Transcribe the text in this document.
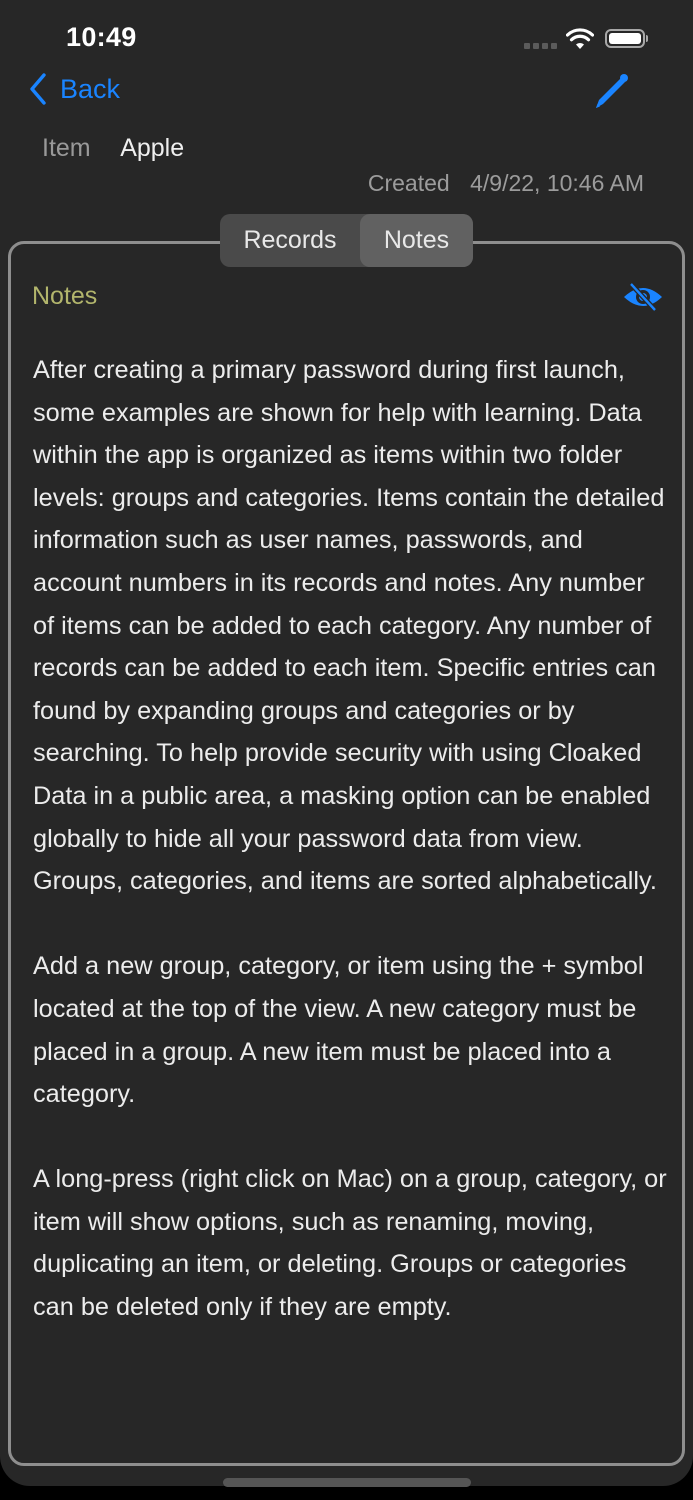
10:49
Back
Item Apple
Created 4/9/22, 10:46 AM
Records	Notes
Notes

After creating a primary password during first launch, some examples are shown for help with learning. Data within the app is organized as items within two folder levels: groups and categories. Items contain the detailed information such as user names, passwords, and account numbers in its records and notes. Any number of items can be added to each category. Any number of records can be added to each item. Specific entries can found by expanding groups and categories or by searching. To help provide security with using Cloaked Data in a public area, a masking option can be enabled globally to hide all your password data from view. Groups, categories, and items are sorted alphabetically.

Add a new group, category, or item using the + symbol located at the top of the view. A new category must be placed in a group. A new item must be placed into a category.

A long-press (right click on Mac) on a group, category, or item will show options, such as renaming, moving, duplicating an item, or deleting. Groups or categories can be deleted only if they are empty.
